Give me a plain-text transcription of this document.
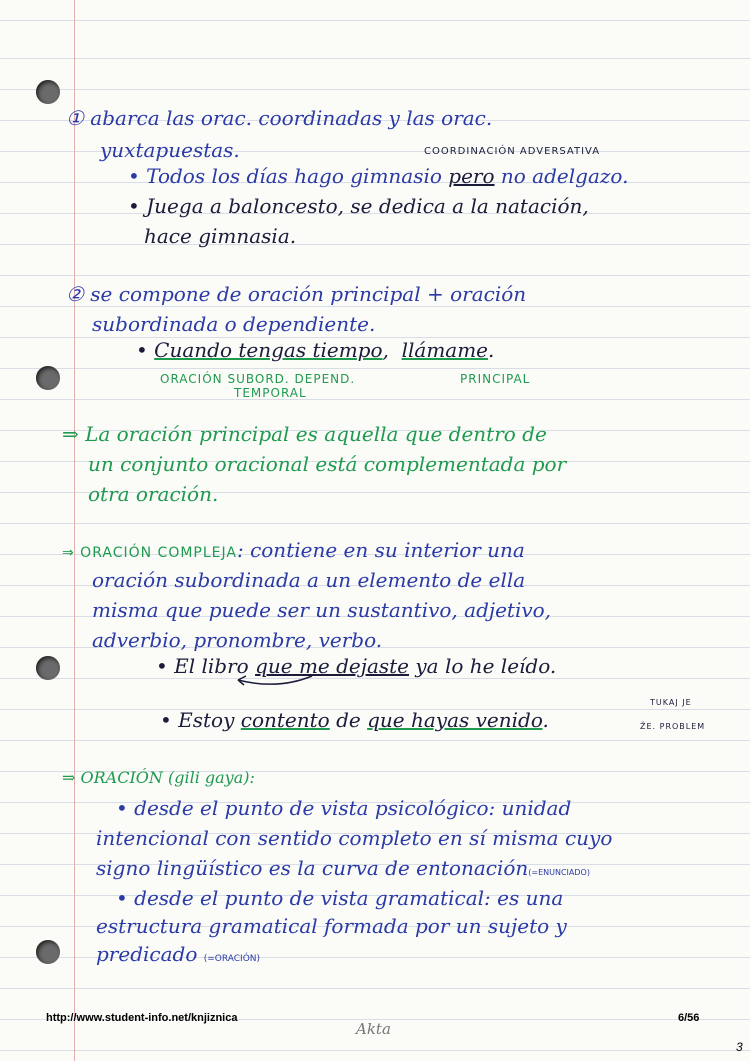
① abarca las orac. coordinadas y las orac.
yuxtapuestas.	COORDINACIÓN ADVERSATIVA
• Todos los días hago gimnasio pero no adelgazo.
• Juega a baloncesto, se dedica a la natación,
hace gimnasia.
② se compone de oración principal + oración
subordinada o dependiente.
• Cuando tengas tiempo, llámame.
ORACIÓN SUBORD. DEPEND.
TEMPORAL
PRINCIPAL
⇒ La oración principal es aquella que dentro de
un conjunto oracional está complementada por
otra oración.
⇒ ORACIÓN COMPLEJA: contiene en su interior una
oración subordinada a un elemento de ella
misma que puede ser un sustantivo, adjetivo,
adverbio, pronombre, verbo.
• El libro que me dejaste ya lo he leído.
• Estoy contento de que hayas venido.
TUKAJ JE
ŽE. PROBLEM
⇒ ORACIÓN (gili gaya):
• desde el punto de vista psicológico: unidad
intencional con sentido completo en sí misma cuyo
signo lingüístico es la curva de entonación(=ENUNCIADO)
• desde el punto de vista gramatical: es una
estructura gramatical formada por un sujeto y
predicado (=ORACIÓN)
http://www.student-info.net/knjiznica
Akta
6/56
3
